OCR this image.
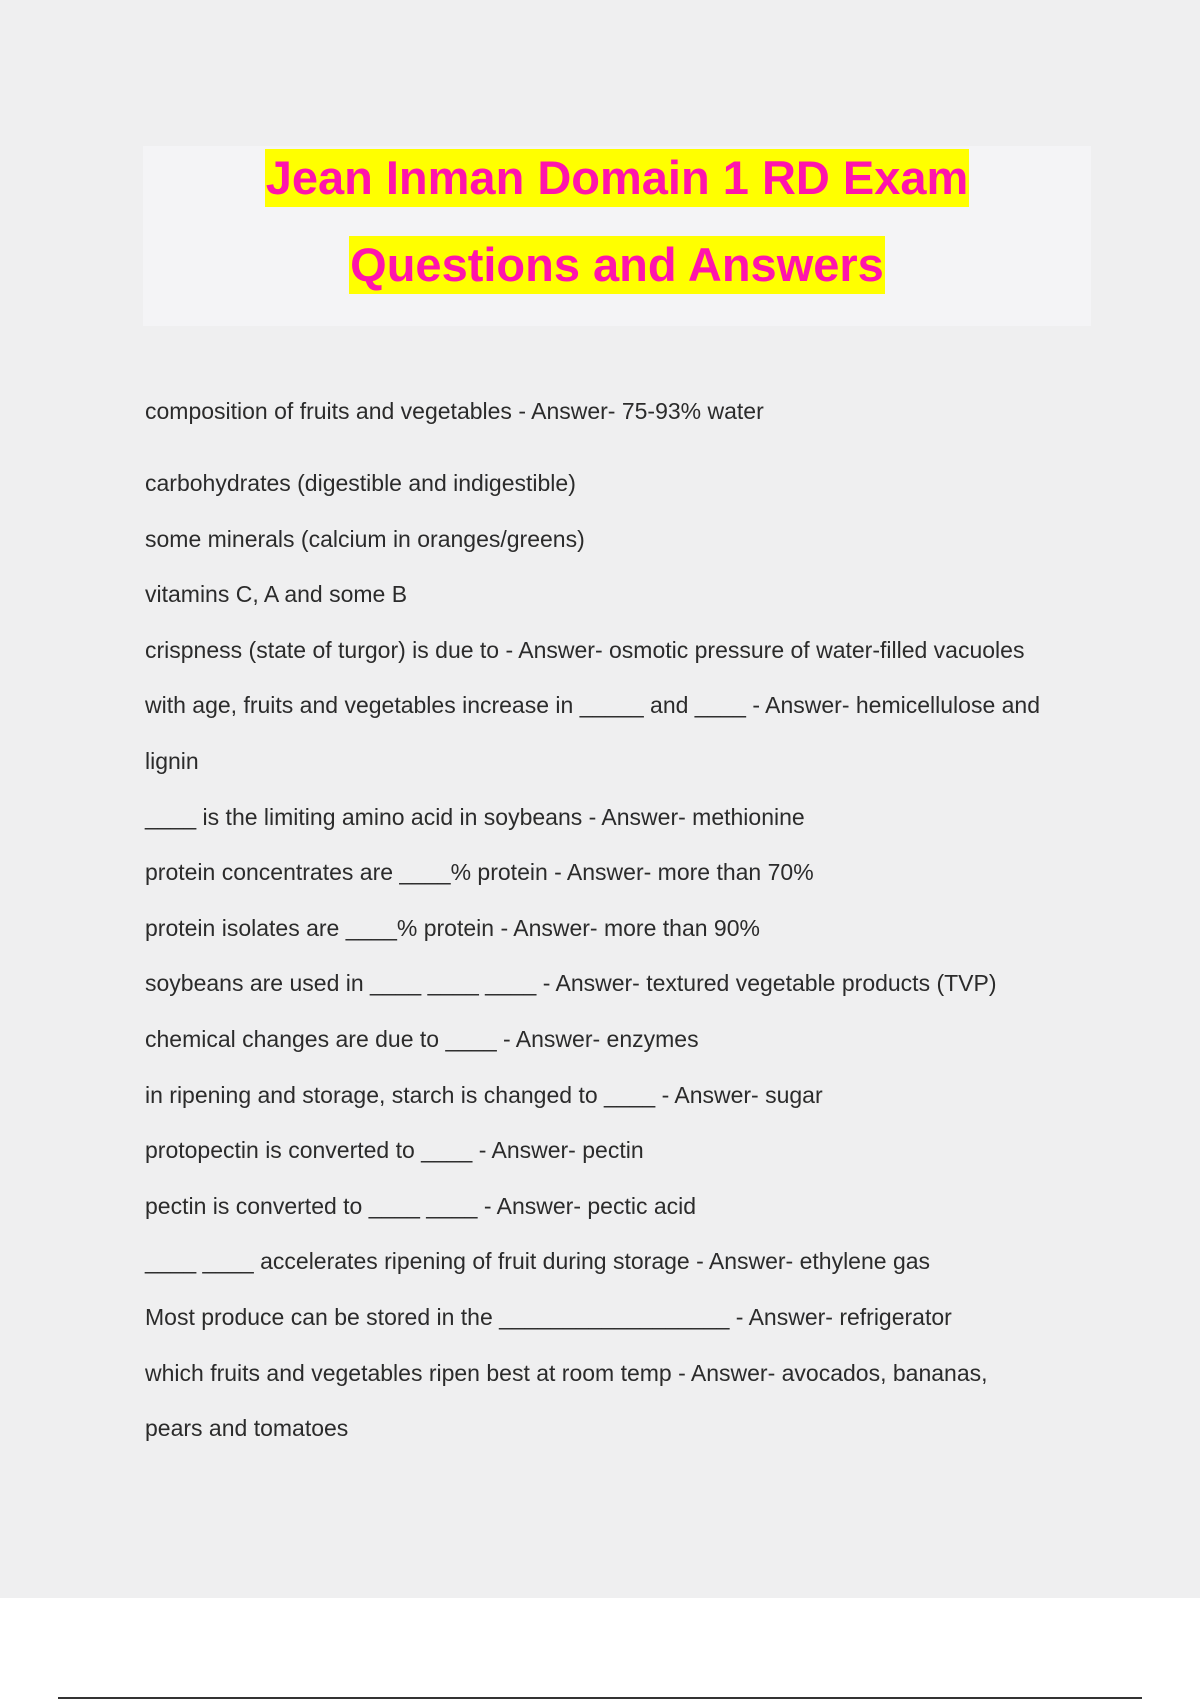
Jean Inman Domain 1 RD Exam
Questions and Answers
composition of fruits and vegetables - Answer- 75-93% water
carbohydrates (digestible and indigestible)
some minerals (calcium in oranges/greens)
vitamins C, A and some B
crispness (state of turgor) is due to - Answer- osmotic pressure of water-filled vacuoles
with age, fruits and vegetables increase in _____ and ____ - Answer- hemicellulose and
lignin
____ is the limiting amino acid in soybeans - Answer- methionine
protein concentrates are ____% protein - Answer- more than 70%
protein isolates are ____% protein - Answer- more than 90%
soybeans are used in ____ ____ ____ - Answer- textured vegetable products (TVP)
chemical changes are due to ____ - Answer- enzymes
in ripening and storage, starch is changed to ____ - Answer- sugar
protopectin is converted to ____ - Answer- pectin
pectin is converted to ____ ____ - Answer- pectic acid
____ ____ accelerates ripening of fruit during storage - Answer- ethylene gas
Most produce can be stored in the __________________ - Answer- refrigerator
which fruits and vegetables ripen best at room temp - Answer- avocados, bananas,
pears and tomatoes
